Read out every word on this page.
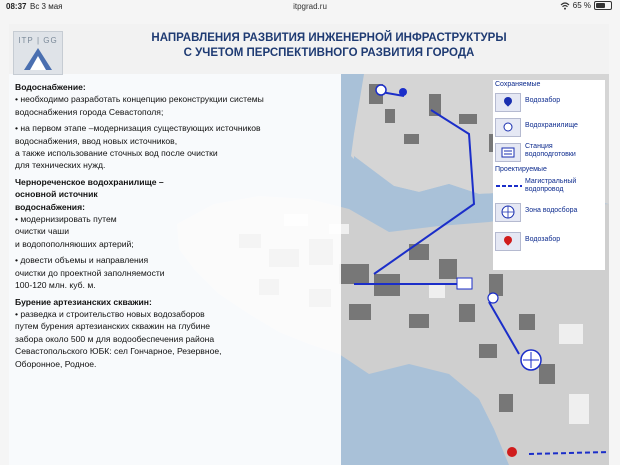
08:37 Вс 3 мая	itpgrad.ru	65 %
ІТР | GG	НАПРАВЛЕНИЯ РАЗВИТИЯ ИНЖЕНЕРНОЙ ИНФРАСТРУКТУРЫ
С УЧЕТОМ ПЕРСПЕКТИВНОГО РАЗВИТИЯ ГОРОДА

Водоснабжение:

• необходимо разработать концепцию реконструкции системы

водоснабжения города Севастополя;

• на первом этапе –модернизация существующих источников

водоснабжения, ввод новых источников,

а также использование сточных вод после очистки

для технических нужд.

Чернореченское водохранилище –

основной источник

водоснабжения:

• модернизировать путем

очистки чаши

и водопополняюших артерий;

• довести объемы и направления

очистки до проектной заполняемости

100-120 млн. куб. м.

Бурение артезианских скважин:

• разведка и строительство новых водозаборов

путем бурения артезианских скважин на глубине

забора около 500 м для водообеспечения района

Севастопольского ЮБК: сел Гончарное, Резервное,

Оборонное, Родное.

Сохраняемые
Водозабор
Водохранилище
Станция
водоподготовки
Проектируемые
Магистральный
водопровод
Зона водосбора
Водозабор
